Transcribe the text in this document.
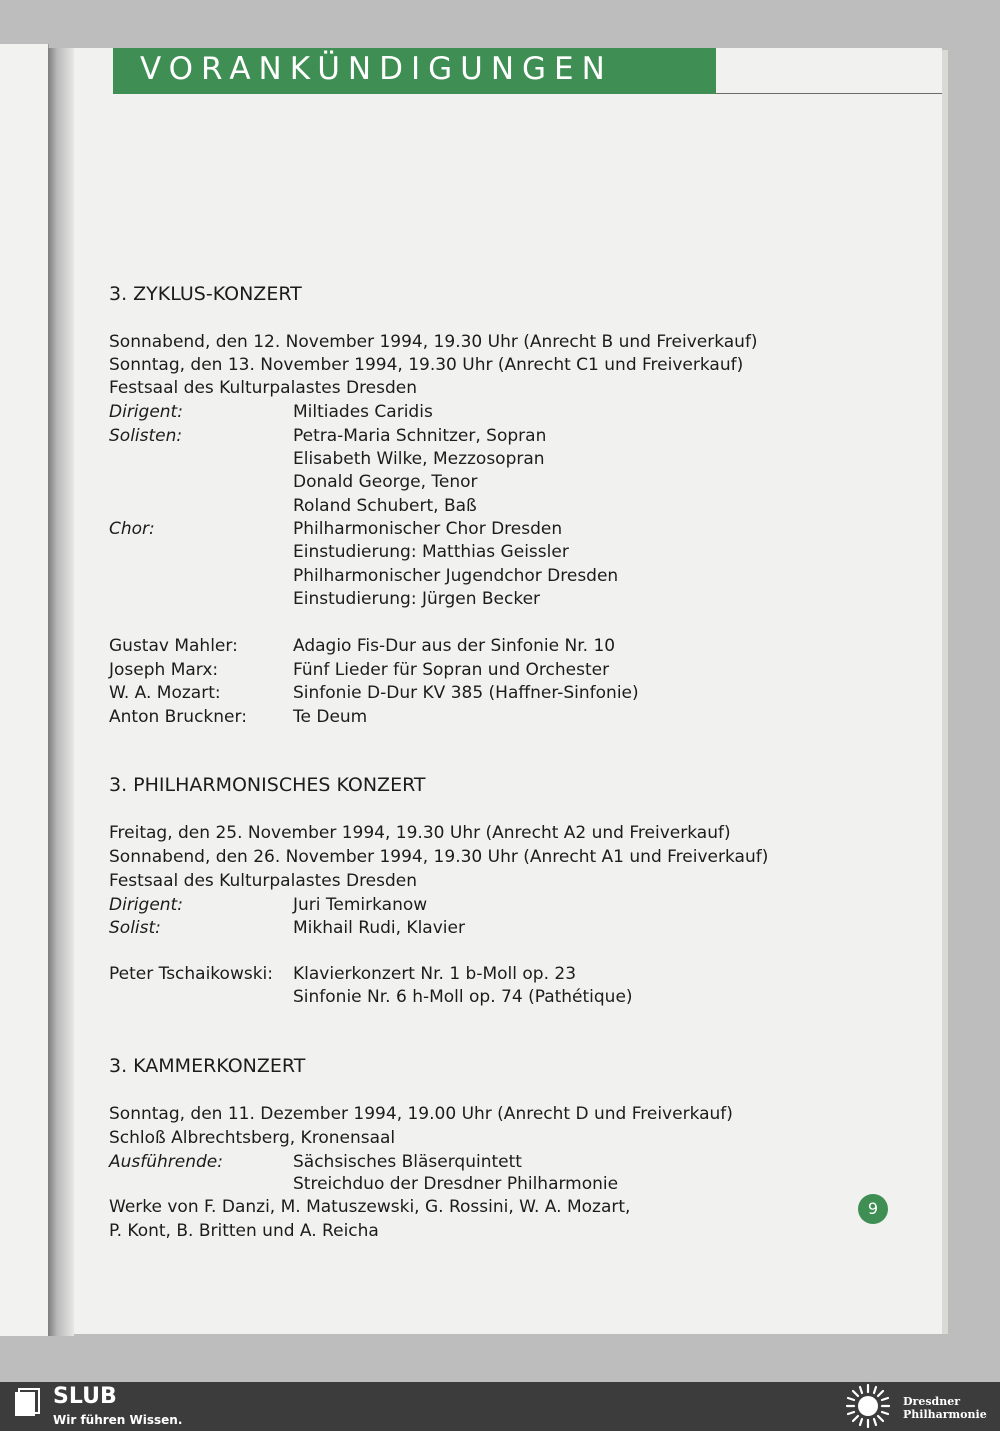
VORANKÜNDIGUNGEN
3. ZYKLUS-KONZERT
Sonnabend, den 12. November 1994, 19.30 Uhr (Anrecht B und Freiverkauf)
Sonntag, den 13. November 1994, 19.30 Uhr (Anrecht C1 und Freiverkauf)
Festsaal des Kulturpalastes Dresden
Dirigent:	Miltiades Caridis
Solisten:	Petra-Maria Schnitzer, Sopran
Elisabeth Wilke, Mezzosopran
Donald George, Tenor
Roland Schubert, Baß
Chor:	Philharmonischer Chor Dresden
Einstudierung: Matthias Geissler
Philharmonischer Jugendchor Dresden
Einstudierung: Jürgen Becker
Gustav Mahler:	Adagio Fis-Dur aus der Sinfonie Nr. 10
Joseph Marx:	Fünf Lieder für Sopran und Orchester
W. A. Mozart:	Sinfonie D-Dur KV 385 (Haffner-Sinfonie)
Anton Bruckner:	Te Deum
3. PHILHARMONISCHES KONZERT
Freitag, den 25. November 1994, 19.30 Uhr (Anrecht A2 und Freiverkauf)
Sonnabend, den 26. November 1994, 19.30 Uhr (Anrecht A1 und Freiverkauf)
Festsaal des Kulturpalastes Dresden
Dirigent:	Juri Temirkanow
Solist:	Mikhail Rudi, Klavier
Peter Tschaikowski: Klavierkonzert Nr. 1 b-Moll op. 23
Sinfonie Nr. 6 h-Moll op. 74 (Pathétique)
3. KAMMERKONZERT
Sonntag, den 11. Dezember 1994, 19.00 Uhr (Anrecht D und Freiverkauf)
Schloß Albrechtsberg, Kronensaal
Ausführende:	Sächsisches Bläserquintett
Streichduo der Dresdner Philharmonie
Werke von F. Danzi, M. Matuszewski, G. Rossini, W. A. Mozart,
P. Kont, B. Britten und A. Reicha
9
SLUB
Wir führen Wissen.
Dresdner
Philharmonie
